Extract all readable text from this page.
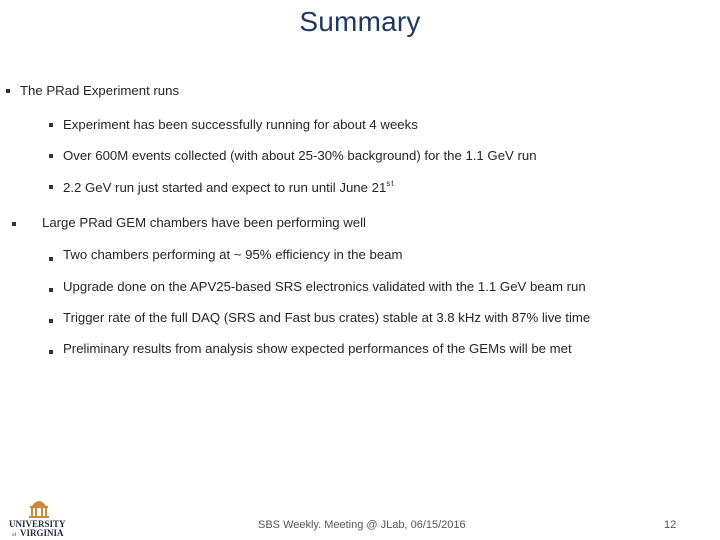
Summary
The PRad Experiment runs
Experiment has been successfully running for about 4 weeks
Over 600M events collected (with about 25-30% background) for the 1.1 GeV run
2.2 GeV run just started and expect to run until June 21st
Large PRad GEM chambers have been performing well
Two chambers performing at ~ 95% efficiency in the beam
Upgrade done on the APV25-based SRS electronics validated with the 1.1 GeV beam run
Trigger rate of the full DAQ (SRS and Fast bus crates) stable at 3.8 kHz with 87% live time
Preliminary results from analysis show expected performances of the GEMs will be met
UNIVERSITY
of VIRGINIA
SBS Weekly. Meeting @ JLab, 06/15/2016	12
